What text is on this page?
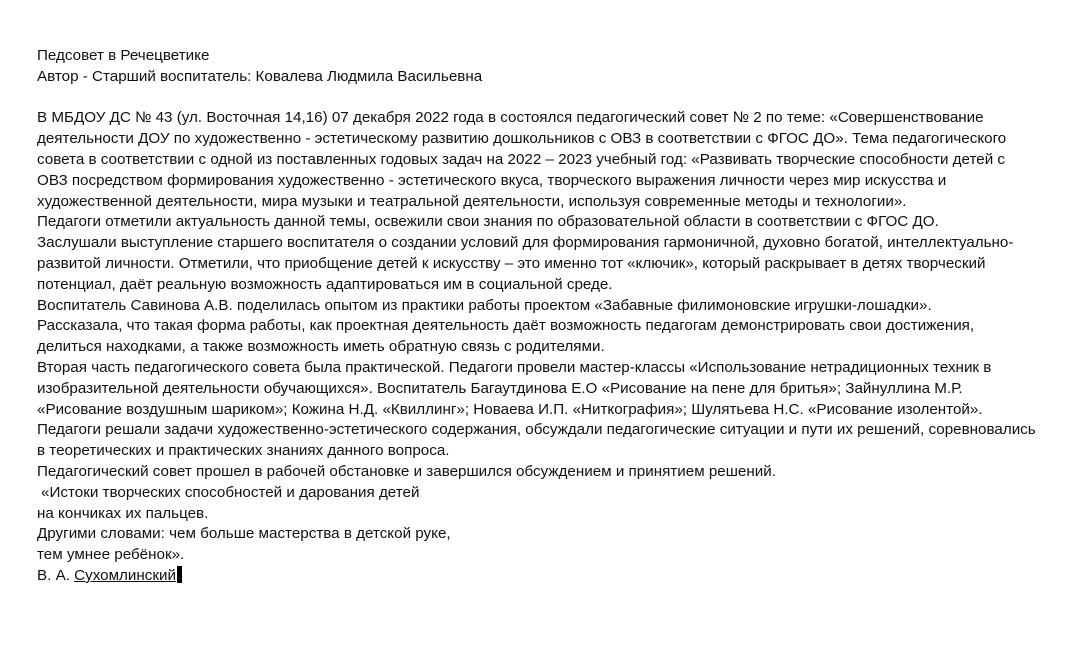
Педсовет в Речецветике

Автор - Старший воспитатель: Ковалева Людмила Васильевна

В МБДОУ ДС № 43 (ул. Восточная 14,16) 07 декабря 2022 года в состоялся педагогический совет № 2 по теме: «Совершенствование деятельности ДОУ по художественно - эстетическому развитию дошкольников с ОВЗ в соответствии с ФГОС ДО». Тема педагогического совета в соответствии с одной из поставленных годовых задач на 2022 – 2023 учебный год: «Развивать творческие способности детей с ОВЗ посредством формирования художественно - эстетического вкуса, творческого выражения личности через мир искусства и художественной деятельности, мира музыки и театральной деятельности, используя современные методы и технологии».

Педагоги отметили актуальность данной темы, освежили свои знания по образовательной области в соответствии с ФГОС ДО.

Заслушали выступление старшего воспитателя о создании условий для формирования гармоничной, духовно богатой, интеллектуально-развитой личности. Отметили, что приобщение детей к искусству – это именно тот «ключик», который раскрывает в детях творческий потенциал, даёт реальную возможность адаптироваться им в социальной среде.

Воспитатель Савинова А.В. поделилась опытом из практики работы проектом «Забавные филимоновские игрушки-лошадки».

Рассказала, что такая форма работы, как проектная деятельность даёт возможность педагогам демонстрировать свои достижения, делиться находками, а также возможность иметь обратную связь с родителями.

Вторая часть педагогического совета была практической. Педагоги провели мастер-классы «Использование нетрадиционных техник в изобразительной деятельности обучающихся». Воспитатель Багаутдинова Е.О «Рисование на пене для бритья»; Зайнуллина М.Р. «Рисование воздушным шариком»; Кожина Н.Д. «Квиллинг»; Новаева И.П. «Ниткография»; Шулятьева Н.С. «Рисование изолентой».

Педагоги решали задачи художественно-эстетического содержания, обсуждали педагогические ситуации и пути их решений, соревновались в теоретических и практических знаниях данного вопроса.

Педагогический совет прошел в рабочей обстановке и завершился обсуждением и принятием решений.

«Истоки творческих способностей и дарования детей

на кончиках их пальцев.

Другими словами: чем больше мастерства в детской руке,

тем умнее ребёнок».

В. А. Сухомлинский
